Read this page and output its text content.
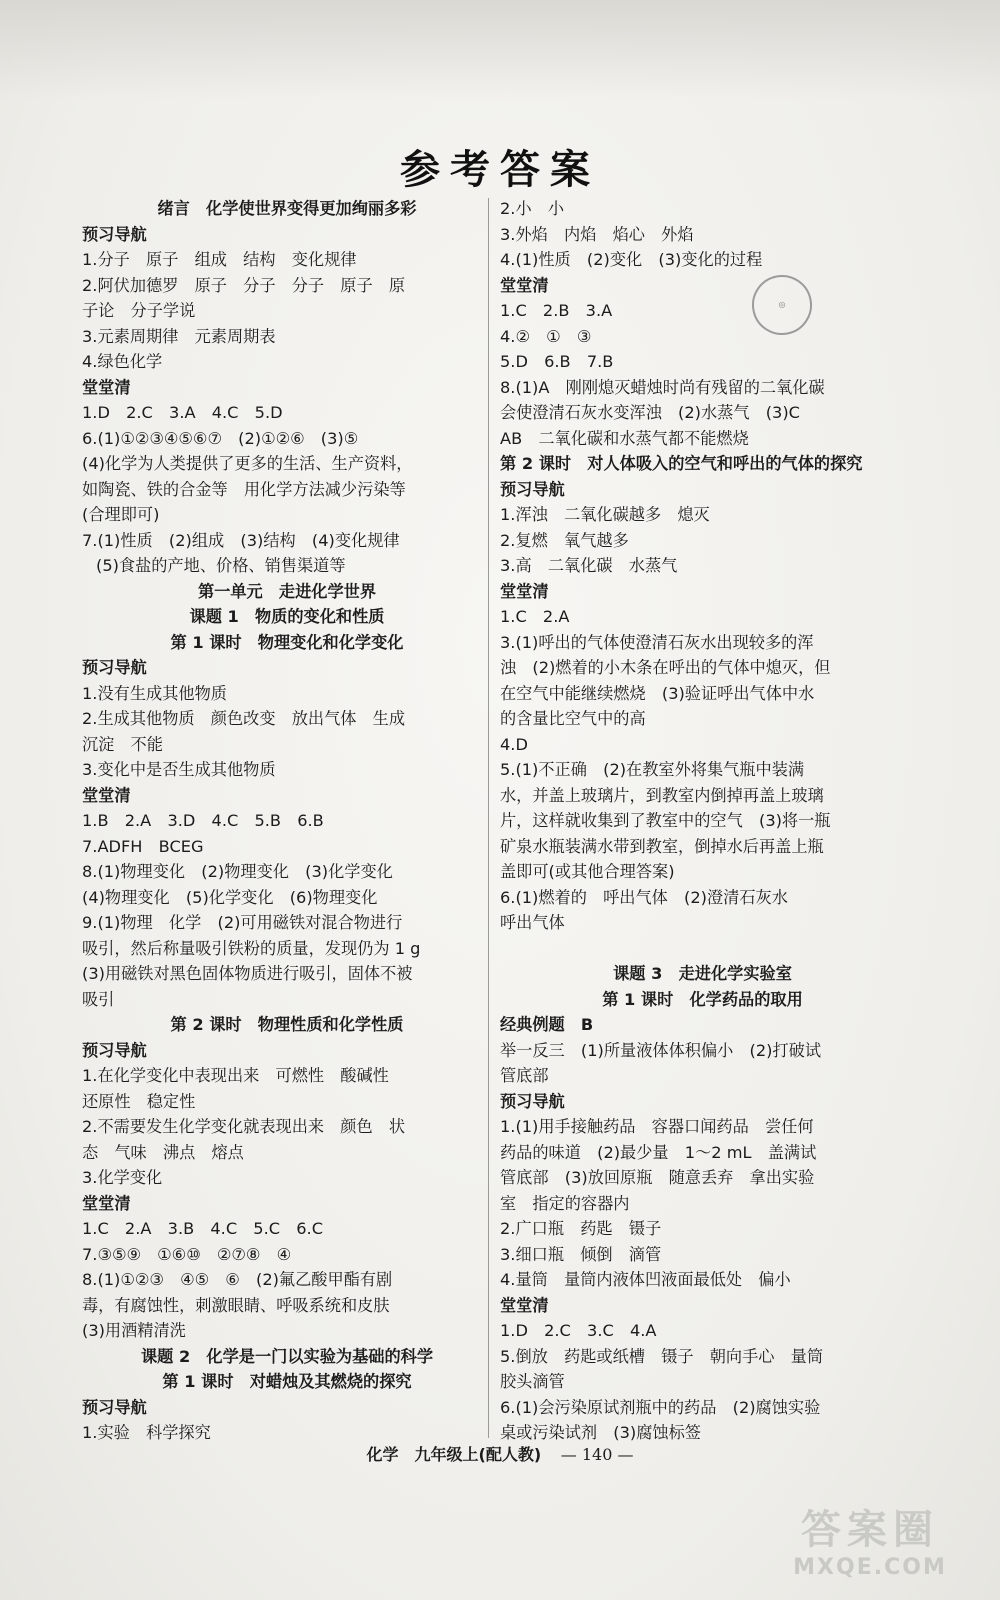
参考答案
绪言　化学使世界变得更加绚丽多彩
预习导航
1.分子　原子　组成　结构　变化规律
2.阿伏加德罗　原子　分子　分子　原子　原
子论　分子学说
3.元素周期律　元素周期表
4.绿色化学
堂堂清
1.D　2.C　3.A　4.C　5.D
6.(1)①②③④⑤⑥⑦　(2)①②⑥　(3)⑤
(4)化学为人类提供了更多的生活、生产资料，
如陶瓷、铁的合金等　用化学方法减少污染等
(合理即可)
7.(1)性质　(2)组成　(3)结构　(4)变化规律
(5)食盐的产地、价格、销售渠道等
第一单元　走进化学世界
课题 1　物质的变化和性质
第 1 课时　物理变化和化学变化
预习导航
1.没有生成其他物质
2.生成其他物质　颜色改变　放出气体　生成
沉淀　不能
3.变化中是否生成其他物质
堂堂清
1.B　2.A　3.D　4.C　5.B　6.B
7.ADFH　BCEG
8.(1)物理变化　(2)物理变化　(3)化学变化
(4)物理变化　(5)化学变化　(6)物理变化
9.(1)物理　化学　(2)可用磁铁对混合物进行
吸引，然后称量吸引铁粉的质量，发现仍为 1 g
(3)用磁铁对黑色固体物质进行吸引，固体不被
吸引
第 2 课时　物理性质和化学性质
预习导航
1.在化学变化中表现出来　可燃性　酸碱性
还原性　稳定性
2.不需要发生化学变化就表现出来　颜色　状
态　气味　沸点　熔点
3.化学变化
堂堂清
1.C　2.A　3.B　4.C　5.C　6.C
7.③⑤⑨　①⑥⑩　②⑦⑧　④
8.(1)①②③　④⑤　⑥　(2)氟乙酸甲酯有剧
毒，有腐蚀性，刺激眼睛、呼吸系统和皮肤
(3)用酒精清洗
课题 2　化学是一门以实验为基础的科学
第 1 课时　对蜡烛及其燃烧的探究
预习导航
1.实验　科学探究
2.小　小
3.外焰　内焰　焰心　外焰
4.(1)性质　(2)变化　(3)变化的过程
堂堂清
1.C　2.B　3.A
4.②　①　③
5.D　6.B　7.B
8.(1)A　刚刚熄灭蜡烛时尚有残留的二氧化碳
会使澄清石灰水变浑浊　(2)水蒸气　(3)C
AB　二氧化碳和水蒸气都不能燃烧
第 2 课时　对人体吸入的空气和呼出的气体的探究
预习导航
1.浑浊　二氧化碳越多　熄灭
2.复燃　氧气越多
3.高　二氧化碳　水蒸气
堂堂清
1.C　2.A
3.(1)呼出的气体使澄清石灰水出现较多的浑
浊　(2)燃着的小木条在呼出的气体中熄灭，但
在空气中能继续燃烧　(3)验证呼出气体中水
的含量比空气中的高
4.D
5.(1)不正确　(2)在教室外将集气瓶中装满
水，并盖上玻璃片，到教室内倒掉再盖上玻璃
片，这样就收集到了教室中的空气　(3)将一瓶
矿泉水瓶装满水带到教室，倒掉水后再盖上瓶
盖即可(或其他合理答案)
6.(1)燃着的　呼出气体　(2)澄清石灰水
呼出气体
课题 3　走进化学实验室
第 1 课时　化学药品的取用
经典例题　B
举一反三　(1)所量液体体积偏小　(2)打破试
管底部
预习导航
1.(1)用手接触药品　容器口闻药品　尝任何
药品的味道　(2)最少量　1～2 mL　盖满试
管底部　(3)放回原瓶　随意丢弃　拿出实验
室　指定的容器内
2.广口瓶　药匙　镊子
3.细口瓶　倾倒　滴管
4.量筒　量筒内液体凹液面最低处　偏小
堂堂清
1.D　2.C　3.C　4.A
5.倒放　药匙或纸槽　镊子　朝向手心　量筒
胶头滴管
6.(1)会污染原试剂瓶中的药品　(2)腐蚀实验
桌或污染试剂　(3)腐蚀标签
◎
化学　九年级上(配人教) — 140 —
答案圈
MXQE.COM
